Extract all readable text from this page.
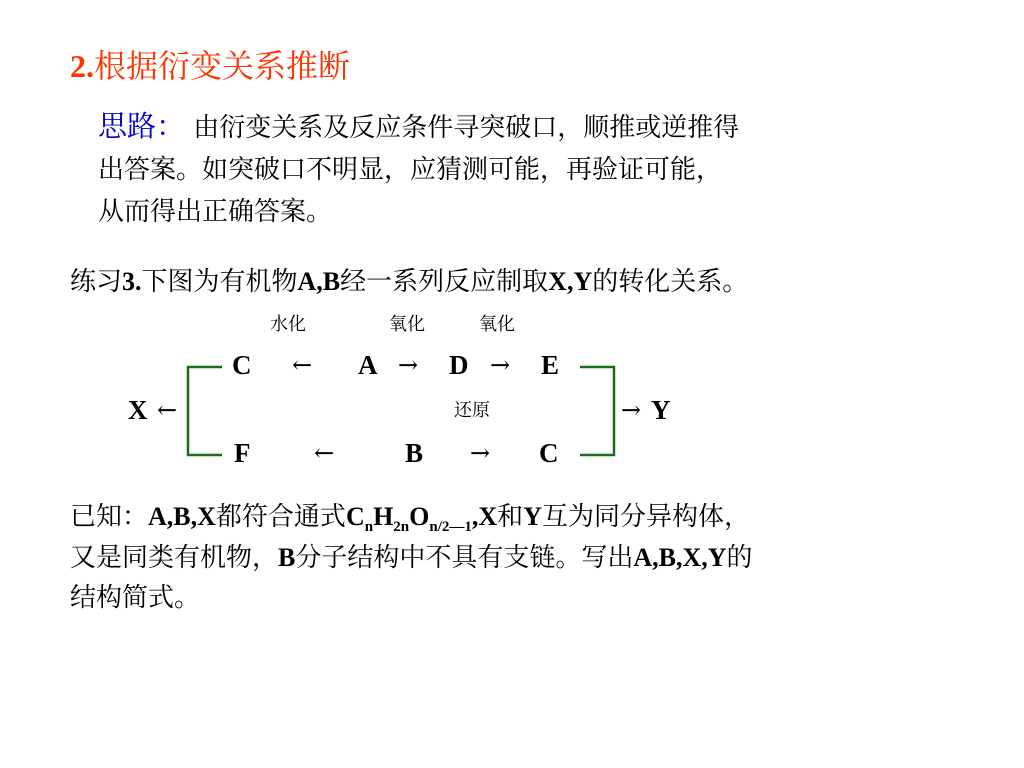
2.根据衍变关系推断
思路： 由衍变关系及反应条件寻突破口，顺推或逆推得
出答案。如突破口不明显，应猜测可能，再验证可能，
从而得出正确答案。
练习3.下图为有机物A,B经一系列反应制取X,Y的转化关系。
水化	氧化	氧化
C ← A → D → E
X ←	还原	→ Y
F	←	B → C
已知：A,B,X都符合通式$C_nH_{2n}O_{n/2—1},X$和Y互为同分异构体，
又是同类有机物，B分子结构中不具有支链。写出A,B,X,Y的
结构简式。
